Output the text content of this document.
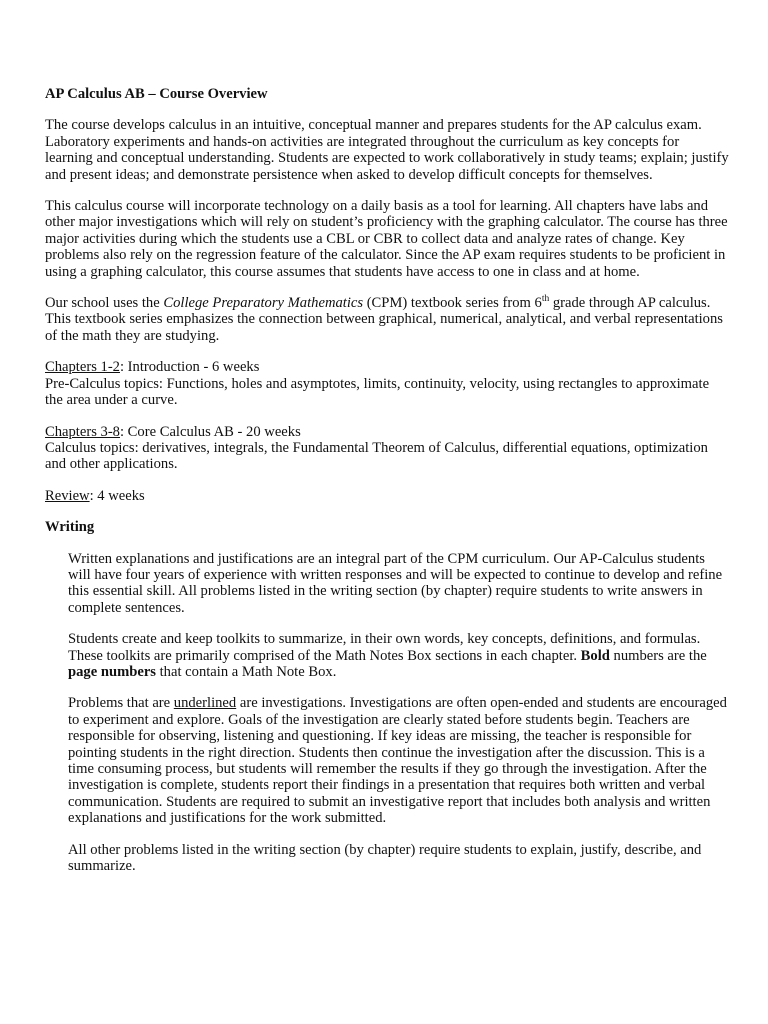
AP Calculus AB – Course Overview

The course develops calculus in an intuitive, conceptual manner and prepares students for the AP calculus exam. Laboratory experiments and hands-on activities are integrated throughout the curriculum as key concepts for learning and conceptual understanding. Students are expected to work collaboratively in study teams; explain; justify and present ideas; and demonstrate persistence when asked to develop difficult concepts for themselves.

This calculus course will incorporate technology on a daily basis as a tool for learning. All chapters have labs and other major investigations which will rely on student’s proficiency with the graphing calculator. The course has three major activities during which the students use a CBL or CBR to collect data and analyze rates of change. Key problems also rely on the regression feature of the calculator. Since the AP exam requires students to be proficient in using a graphing calculator, this course assumes that students have access to one in class and at home.

Our school uses the College Preparatory Mathematics (CPM) textbook series from 6th grade through AP calculus. This textbook series emphasizes the connection between graphical, numerical, analytical, and verbal representations of the math they are studying.

Chapters 1-2: Introduction - 6 weeks
Pre-Calculus topics: Functions, holes and asymptotes, limits, continuity, velocity, using rectangles to approximate the area under a curve.

Chapters 3-8: Core Calculus AB - 20 weeks
Calculus topics: derivatives, integrals, the Fundamental Theorem of Calculus, differential equations, optimization and other applications.

Review: 4 weeks

Writing

Written explanations and justifications are an integral part of the CPM curriculum. Our AP-Calculus students will have four years of experience with written responses and will be expected to continue to develop and refine this essential skill. All problems listed in the writing section (by chapter) require students to write answers in complete sentences.

Students create and keep toolkits to summarize, in their own words, key concepts, definitions, and formulas. These toolkits are primarily comprised of the Math Notes Box sections in each chapter. Bold numbers are the page numbers that contain a Math Note Box.

Problems that are underlined are investigations. Investigations are often open-ended and students are encouraged to experiment and explore. Goals of the investigation are clearly stated before students begin. Teachers are responsible for observing, listening and questioning. If key ideas are missing, the teacher is responsible for pointing students in the right direction. Students then continue the investigation after the discussion. This is a time consuming process, but students will remember the results if they go through the investigation. After the investigation is complete, students report their findings in a presentation that requires both written and verbal communication. Students are required to submit an investigative report that includes both analysis and written explanations and justifications for the work submitted.

All other problems listed in the writing section (by chapter) require students to explain, justify, describe, and summarize.
